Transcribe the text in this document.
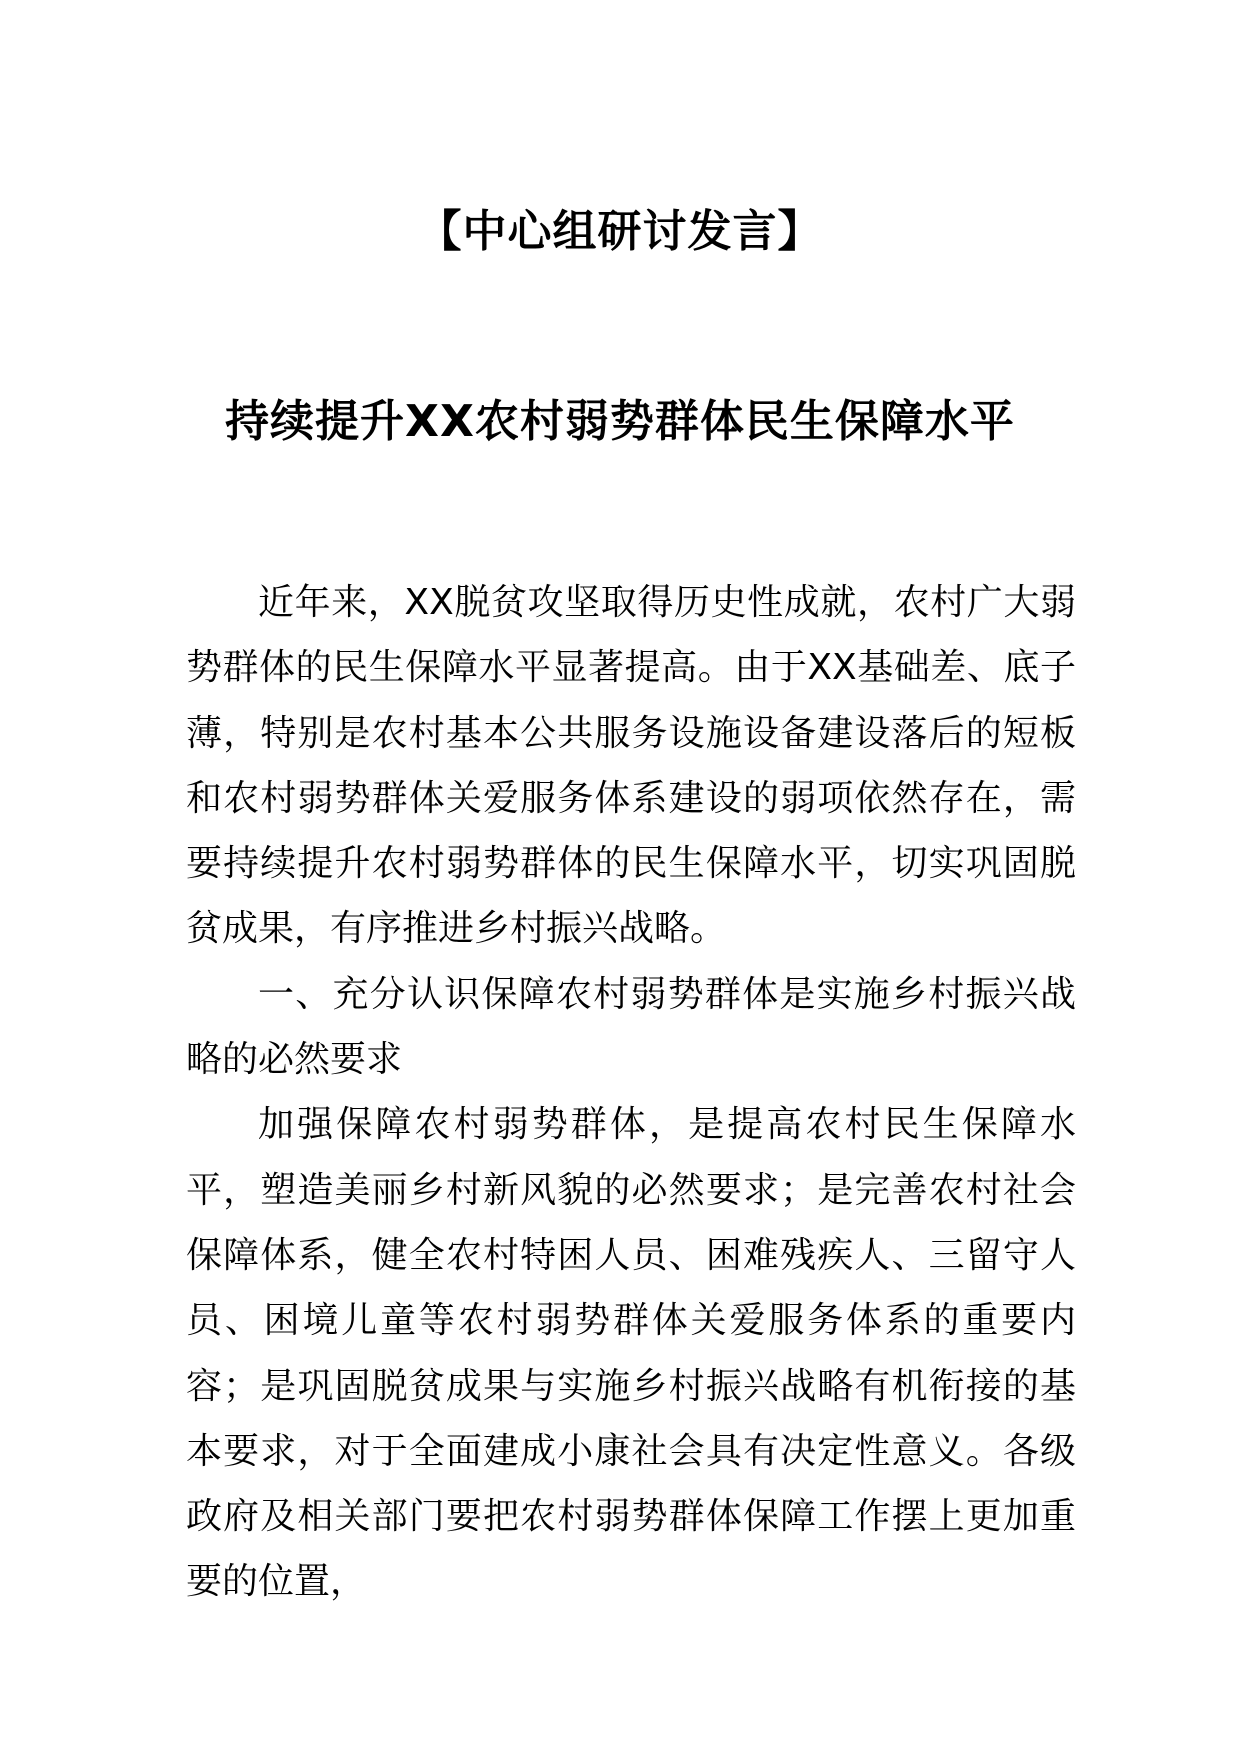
【中心组研讨发言】
持续提升XX农村弱势群体民生保障水平

近年来，XX脱贫攻坚取得历史性成就，农村广大弱势群体的民生保障水平显著提高。由于XX基础差、底子薄，特别是农村基本公共服务设施设备建设落后的短板和农村弱势群体关爱服务体系建设的弱项依然存在，需要持续提升农村弱势群体的民生保障水平，切实巩固脱贫成果，有序推进乡村振兴战略。

一、充分认识保障农村弱势群体是实施乡村振兴战略的必然要求

加强保障农村弱势群体，是提高农村民生保障水平，塑造美丽乡村新风貌的必然要求；是完善农村社会保障体系，健全农村特困人员、困难残疾人、三留守人员、困境儿童等农村弱势群体关爱服务体系的重要内容；是巩固脱贫成果与实施乡村振兴战略有机衔接的基本要求，对于全面建成小康社会具有决定性意义。各级政府及相关部门要把农村弱势群体保障工作摆上更加重要的位置，
